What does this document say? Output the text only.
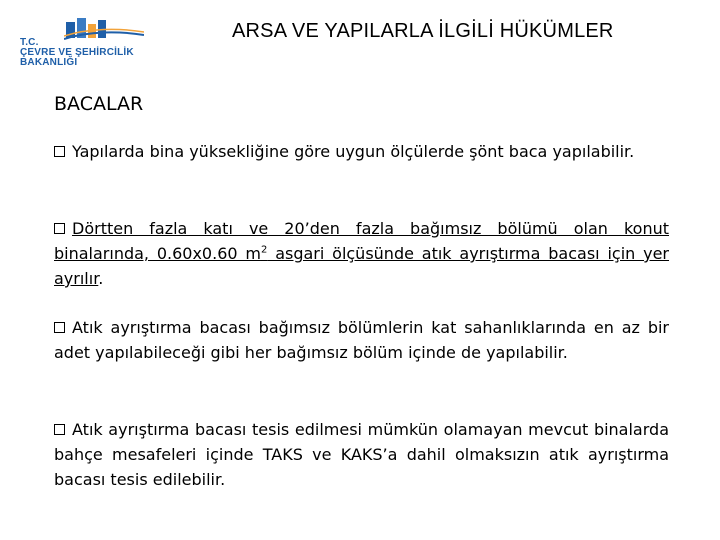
T.C.
ÇEVRE VE ŞEHİRCİLİK
BAKANLIĞI
ARSA VE YAPILARLA İLGİLİ HÜKÜMLER
BACALAR

Yapılarda bina yüksekliğine göre uygun ölçülerde şönt baca yapılabilir.

Dörtten fazla katı ve 20’den fazla bağımsız bölümü olan konut binalarında, 0.60x0.60 $m^2$ asgari ölçüsünde atık ayrıştırma bacası için yer ayrılır.

Atık ayrıştırma bacası bağımsız bölümlerin kat sahanlıklarında en az bir adet yapılabileceği gibi her bağımsız bölüm içinde de yapılabilir.

Atık ayrıştırma bacası tesis edilmesi mümkün olamayan mevcut binalarda bahçe mesafeleri içinde TAKS ve KAKS’a dahil olmaksızın atık ayrıştırma bacası tesis edilebilir.
